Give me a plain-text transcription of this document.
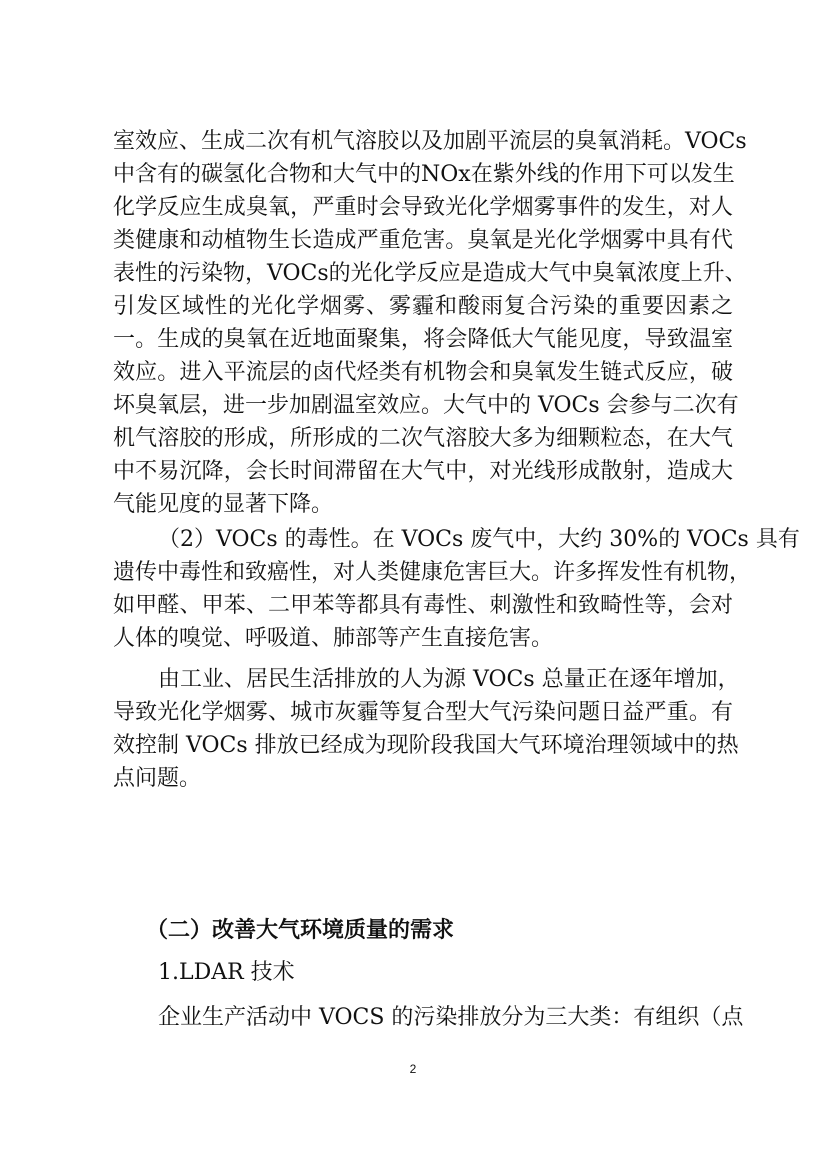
室效应、生成二次有机气溶胶以及加剧平流层的臭氧消耗。VOCs
中含有的碳氢化合物和大气中的NOx在紫外线的作用下可以发生
化学反应生成臭氧，严重时会导致光化学烟雾事件的发生，对人
类健康和动植物生长造成严重危害。臭氧是光化学烟雾中具有代
表性的污染物，VOCs的光化学反应是造成大气中臭氧浓度上升、
引发区域性的光化学烟雾、雾霾和酸雨复合污染的重要因素之
一。生成的臭氧在近地面聚集，将会降低大气能见度，导致温室
效应。进入平流层的卤代烃类有机物会和臭氧发生链式反应，破
坏臭氧层，进一步加剧温室效应。大气中的 VOCs 会参与二次有
机气溶胶的形成，所形成的二次气溶胶大多为细颗粒态，在大气
中不易沉降，会长时间滞留在大气中，对光线形成散射，造成大
气能见度的显著下降。
（2）VOCs 的毒性。在 VOCs 废气中，大约 30%的 VOCs 具有
遗传中毒性和致癌性，对人类健康危害巨大。许多挥发性有机物，
如甲醛、甲苯、二甲苯等都具有毒性、刺激性和致畸性等，会对
人体的嗅觉、呼吸道、肺部等产生直接危害。
由工业、居民生活排放的人为源 VOCs 总量正在逐年增加，
导致光化学烟雾、城市灰霾等复合型大气污染问题日益严重。有
效控制 VOCs 排放已经成为现阶段我国大气环境治理领域中的热
点问题。
（二）改善大气环境质量的需求
1.LDAR 技术
企业生产活动中 VOCS 的污染排放分为三大类：有组织（点
2
